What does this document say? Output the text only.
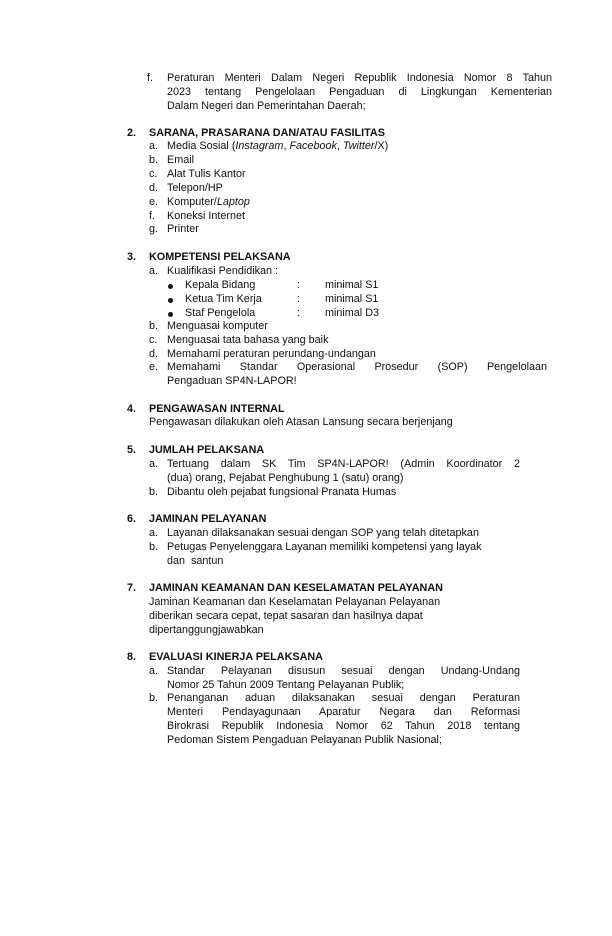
f. Peraturan Menteri Dalam Negeri Republik Indonesia Nomor 8 Tahun
2023 tentang Pengelolaan Pengaduan di Lingkungan Kementerian
Dalam Negeri dan Pemerintahan Daerah;
2. SARANA, PRASARANA DAN/ATAU FASILITAS
a. Media Sosial (Instagram, Facebook, Twitter/X)
b. Email
c. Alat Tulis Kantor
d. Telepon/HP
e. Komputer/Laptop
f. Koneksi Internet
g. Printer
3. KOMPETENSI PELAKSANA
a. Kualifikasi Pendidikan :
Kepala Bidang	: minimal S1
Ketua Tim Kerja	: minimal S1
Staf Pengelola	: minimal D3
b. Menguasai komputer
c. Menguasai tata bahasa yang baik
d. Memahami peraturan perundang-undangan
e. Memahami Standar Operasional Prosedur (SOP) Pengelolaan
Pengaduan SP4N-LAPOR!
4. PENGAWASAN INTERNAL
Pengawasan dilakukan oleh Atasan Lansung secara berjenjang
5. JUMLAH PELAKSANA
a. Tertuang dalam SK Tim SP4N-LAPOR! (Admin Koordinator 2
(dua) orang, Pejabat Penghubung 1 (satu) orang)
b. Dibantu oleh pejabat fungsional Pranata Humas
6. JAMINAN PELAYANAN
a. Layanan dilaksanakan sesuai dengan SOP yang telah ditetapkan
b. Petugas Penyelenggara Layanan memiliki kompetensi yang layak
dan  santun
7. JAMINAN KEAMANAN DAN KESELAMATAN PELAYANAN
Jaminan Keamanan dan Keselamatan Pelayanan Pelayanan
diberikan secara cepat, tepat sasaran dan hasilnya dapat
dipertanggungjawabkan
8. EVALUASI KINERJA PELAKSANA
a. Standar Pelayanan disusun sesuai dengan Undang-Undang
Nomor 25 Tahun 2009 Tentang Pelayanan Publik;
b. Penanganan aduan dilaksanakan sesuai dengan Peraturan
Menteri Pendayagunaan Aparatur Negara dan Reformasi
Birokrasi Republik Indonesia Nomor 62 Tahun 2018 tentang
Pedoman Sistem Pengaduan Pelayanan Publik Nasional;
